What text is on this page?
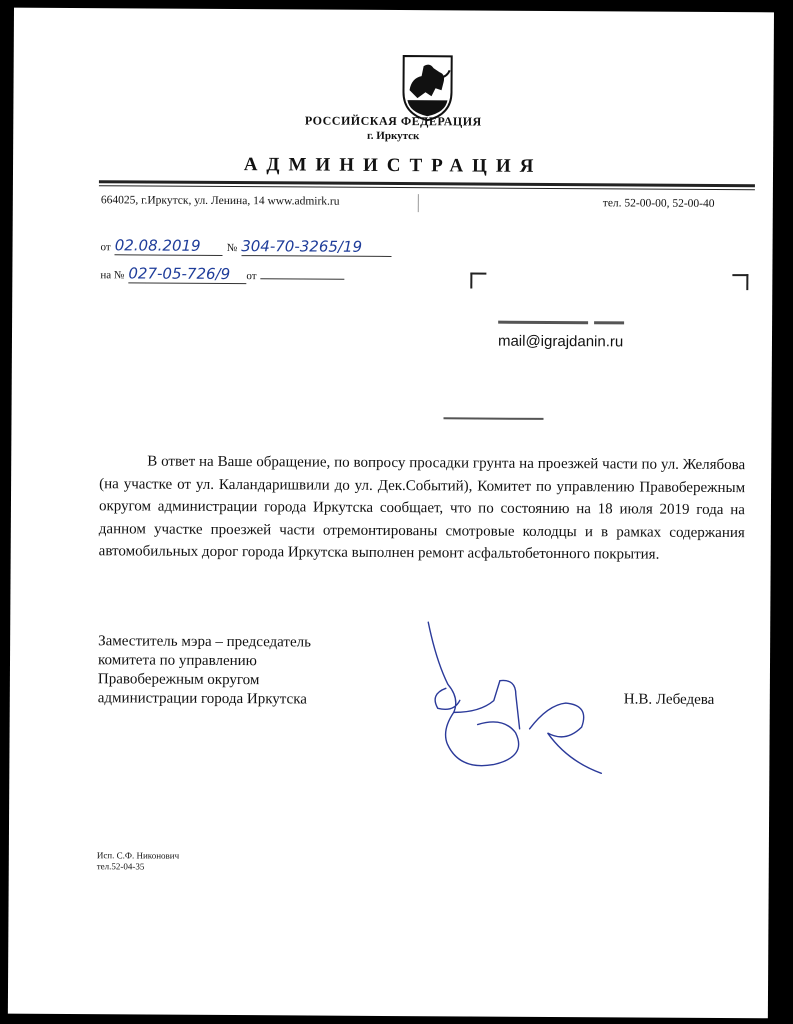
РОССИЙСКАЯ ФЕДЕРАЦИЯ
г. Иркутск
АДМИНИСТРАЦИЯ
664025, г.Иркутск, ул. Ленина, 14 www.admirk.ru	тел. 52-00-00, 52-00-40
от 02.08.2019 № 304-70-3265/19
на № 027-05-726/9 от
mail@igrajdanin.ru
В ответ на Ваше обращение, по вопросу просадки грунта на проезжей части по ул. Желябова (на участке от ул. Каландаришвили до ул. Дек.Событий), Комитет по управлению Правобережным округом администрации города Иркутска сообщает, что по состоянию на 18 июля 2019 года на данном участке проезжей части отремонтированы смотровые колодцы и в рамках содержания автомобильных дорог города Иркутска выполнен ремонт асфальтобетонного покрытия.
Заместитель мэра – председатель
комитета по управлению
Правобережным округом
администрации города Иркутска	Н.В. Лебедева
Исп. С.Ф. Никонович
тел.52-04-35
